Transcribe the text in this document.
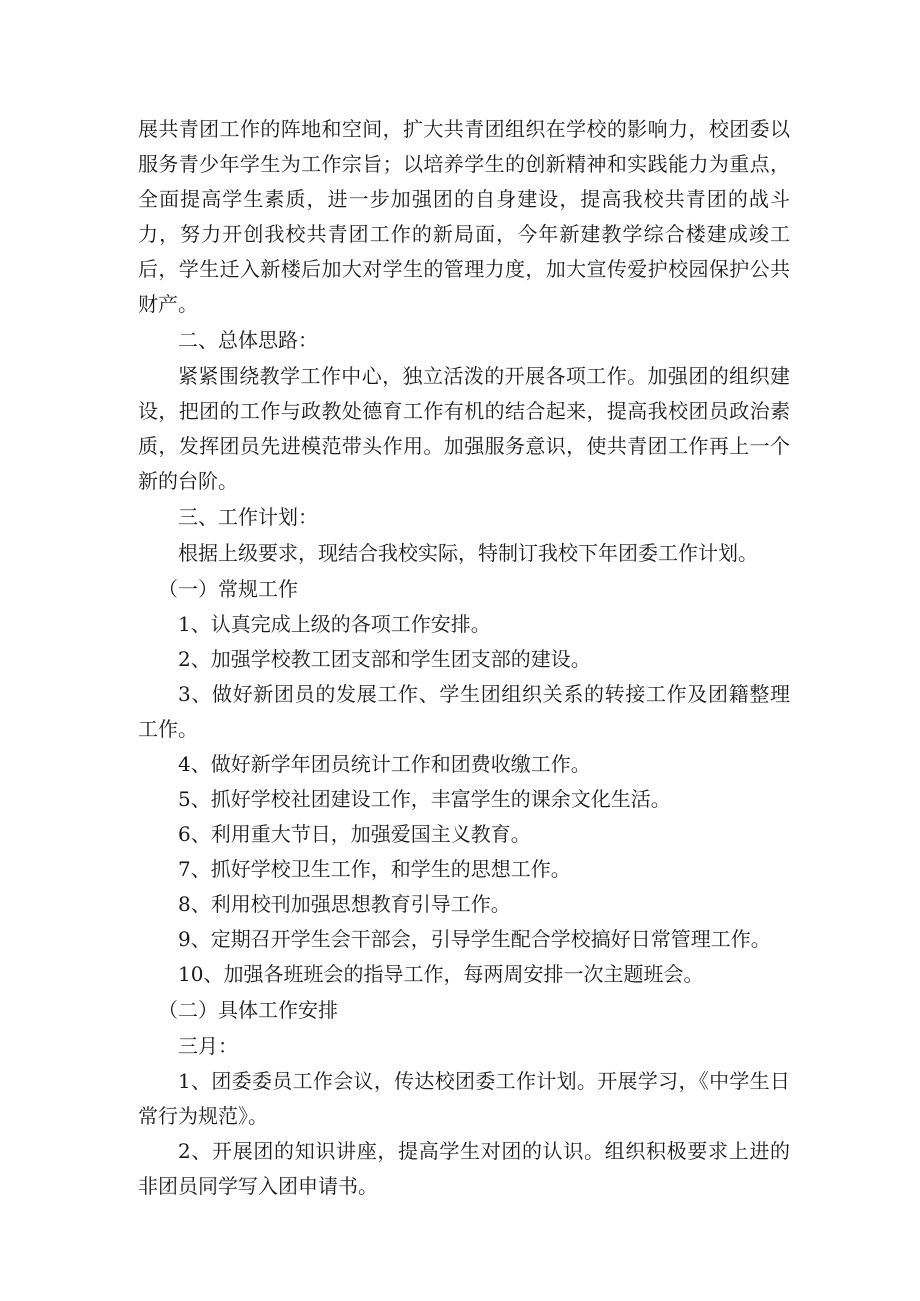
展共青团工作的阵地和空间，扩大共青团组织在学校的影响力，校团委以服务青少年学生为工作宗旨；以培养学生的创新精神和实践能力为重点，全面提高学生素质，进一步加强团的自身建设，提高我校共青团的战斗力，努力开创我校共青团工作的新局面，今年新建教学综合楼建成竣工后，学生迁入新楼后加大对学生的管理力度，加大宣传爱护校园保护公共财产。

二、总体思路：

紧紧围绕教学工作中心，独立活泼的开展各项工作。加强团的组织建设，把团的工作与政教处德育工作有机的结合起来，提高我校团员政治素质，发挥团员先进模范带头作用。加强服务意识，使共青团工作再上一个新的台阶。

三、工作计划：

根据上级要求，现结合我校实际，特制订我校下年团委工作计划。

（一）常规工作

1、认真完成上级的各项工作安排。

2、加强学校教工团支部和学生团支部的建设。

3、做好新团员的发展工作、学生团组织关系的转接工作及团籍整理工作。

4、做好新学年团员统计工作和团费收缴工作。

5、抓好学校社团建设工作，丰富学生的课余文化生活。

6、利用重大节日，加强爱国主义教育。

7、抓好学校卫生工作，和学生的思想工作。

8、利用校刊加强思想教育引导工作。

9、定期召开学生会干部会，引导学生配合学校搞好日常管理工作。

10、加强各班班会的指导工作，每两周安排一次主题班会。

（二）具体工作安排

三月：

1、团委委员工作会议，传达校团委工作计划。开展学习，《中学生日常行为规范》。

2、开展团的知识讲座，提高学生对团的认识。组织积极要求上进的非团员同学写入团申请书。
